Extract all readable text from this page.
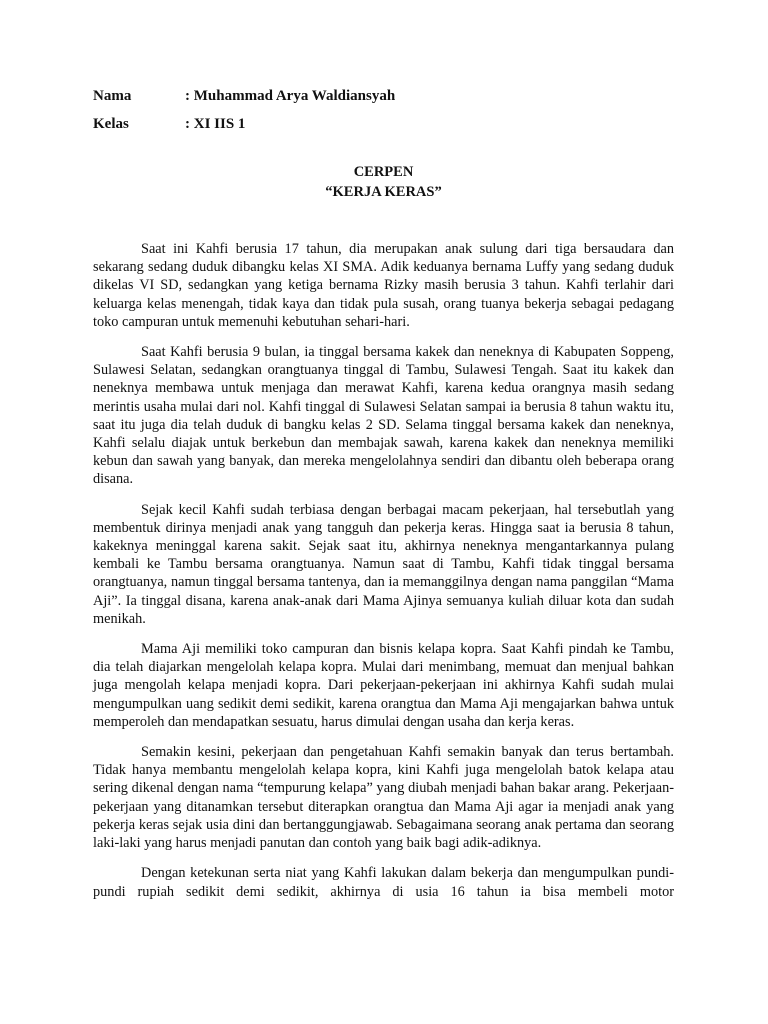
Nama	: Muhammad Arya Waldiansyah
Kelas	: XI IIS 1
CERPEN
“KERJA KERAS”

Saat ini Kahfi berusia 17 tahun, dia merupakan anak sulung dari tiga bersaudara dan sekarang sedang duduk dibangku kelas XI SMA. Adik keduanya bernama Luffy yang sedang duduk dikelas VI SD, sedangkan yang ketiga bernama Rizky masih berusia 3 tahun. Kahfi terlahir dari keluarga kelas menengah, tidak kaya dan tidak pula susah, orang tuanya bekerja sebagai pedagang toko campuran untuk memenuhi kebutuhan sehari-hari.

Saat Kahfi berusia 9 bulan, ia tinggal bersama kakek dan neneknya di Kabupaten Soppeng, Sulawesi Selatan, sedangkan orangtuanya tinggal di Tambu, Sulawesi Tengah. Saat itu kakek dan neneknya membawa untuk menjaga dan merawat Kahfi, karena kedua orangnya masih sedang merintis usaha mulai dari nol. Kahfi tinggal di Sulawesi Selatan sampai ia berusia 8 tahun waktu itu, saat itu juga dia telah duduk di bangku kelas 2 SD. Selama tinggal bersama kakek dan neneknya, Kahfi selalu diajak untuk berkebun dan membajak sawah, karena kakek dan neneknya memiliki kebun dan sawah yang banyak, dan mereka mengelolahnya sendiri dan dibantu oleh beberapa orang disana.

Sejak kecil Kahfi sudah terbiasa dengan berbagai macam pekerjaan, hal tersebutlah yang membentuk dirinya menjadi anak yang tangguh dan pekerja keras. Hingga saat ia berusia 8 tahun, kakeknya meninggal karena sakit. Sejak saat itu, akhirnya neneknya mengantarkannya pulang kembali ke Tambu bersama orangtuanya. Namun saat di Tambu, Kahfi tidak tinggal bersama orangtuanya, namun tinggal bersama tantenya, dan ia memanggilnya dengan nama panggilan “Mama Aji”. Ia tinggal disana, karena anak-anak dari Mama Ajinya semuanya kuliah diluar kota dan sudah menikah.

Mama Aji memiliki toko campuran dan bisnis kelapa kopra. Saat Kahfi pindah ke Tambu, dia telah diajarkan mengelolah kelapa kopra. Mulai dari menimbang, memuat dan menjual bahkan juga mengolah kelapa menjadi kopra. Dari pekerjaan-pekerjaan ini akhirnya Kahfi sudah mulai mengumpulkan uang sedikit demi sedikit, karena orangtua dan Mama Aji mengajarkan bahwa untuk memperoleh dan mendapatkan sesuatu, harus dimulai dengan usaha dan kerja keras.

Semakin kesini, pekerjaan dan pengetahuan Kahfi semakin banyak dan terus bertambah. Tidak hanya membantu mengelolah kelapa kopra, kini Kahfi juga mengelolah batok kelapa atau sering dikenal dengan nama “tempurung kelapa” yang diubah menjadi bahan bakar arang. Pekerjaan-pekerjaan yang ditanamkan tersebut diterapkan orangtua dan Mama Aji agar ia menjadi anak yang pekerja keras sejak usia dini dan bertanggungjawab. Sebagaimana seorang anak pertama dan seorang laki-laki yang harus menjadi panutan dan contoh yang baik bagi adik-adiknya.

Dengan ketekunan serta niat yang Kahfi lakukan dalam bekerja dan mengumpulkan pundi-pundi rupiah sedikit demi sedikit, akhirnya di usia 16 tahun ia bisa membeli motor
